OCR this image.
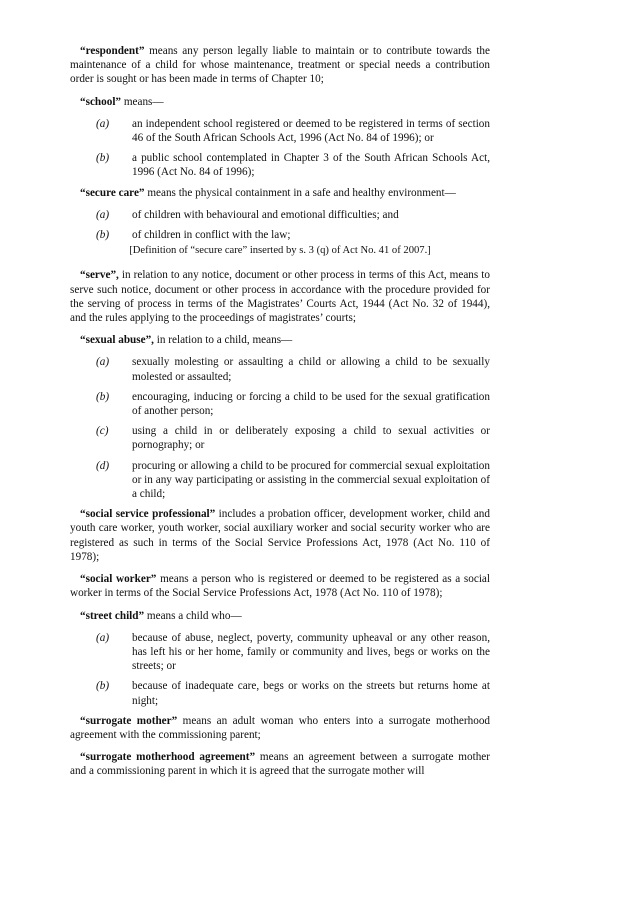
“respondent” means any person legally liable to maintain or to contribute towards the maintenance of a child for whose maintenance, treatment or special needs a contribution order is sought or has been made in terms of Chapter 10;

“school” means—

(a)	an independent school registered or deemed to be registered in terms of section 46 of the South African Schools Act, 1996 (Act No. 84 of 1996); or
(b)	a public school contemplated in Chapter 3 of the South African Schools Act, 1996 (Act No. 84 of 1996);

“secure care” means the physical containment in a safe and healthy environment—

(a)	of children with behavioural and emotional difficulties; and
(b)	of children in conflict with the law;

[Definition of “secure care” inserted by s. 3 (q) of Act No. 41 of 2007.]

“serve”, in relation to any notice, document or other process in terms of this Act, means to serve such notice, document or other process in accordance with the procedure provided for the serving of process in terms of the Magistrates’ Courts Act, 1944 (Act No. 32 of 1944), and the rules applying to the proceedings of magistrates’ courts;

“sexual abuse”, in relation to a child, means—

(a)	sexually molesting or assaulting a child or allowing a child to be sexually molested or assaulted;
(b)	encouraging, inducing or forcing a child to be used for the sexual gratification of another person;
(c)	using a child in or deliberately exposing a child to sexual activities or pornography; or
(d)	procuring or allowing a child to be procured for commercial sexual exploitation or in any way participating or assisting in the commercial sexual exploitation of a child;

“social service professional” includes a probation officer, development worker, child and youth care worker, youth worker, social auxiliary worker and social security worker who are registered as such in terms of the Social Service Professions Act, 1978 (Act No. 110 of 1978);

“social worker” means a person who is registered or deemed to be registered as a social worker in terms of the Social Service Professions Act, 1978 (Act No. 110 of 1978);

“street child” means a child who—

(a)	because of abuse, neglect, poverty, community upheaval or any other reason, has left his or her home, family or community and lives, begs or works on the streets; or
(b)	because of inadequate care, begs or works on the streets but returns home at night;

“surrogate mother” means an adult woman who enters into a surrogate motherhood agreement with the commissioning parent;

“surrogate motherhood agreement” means an agreement between a surrogate mother and a commissioning parent in which it is agreed that the surrogate mother will
